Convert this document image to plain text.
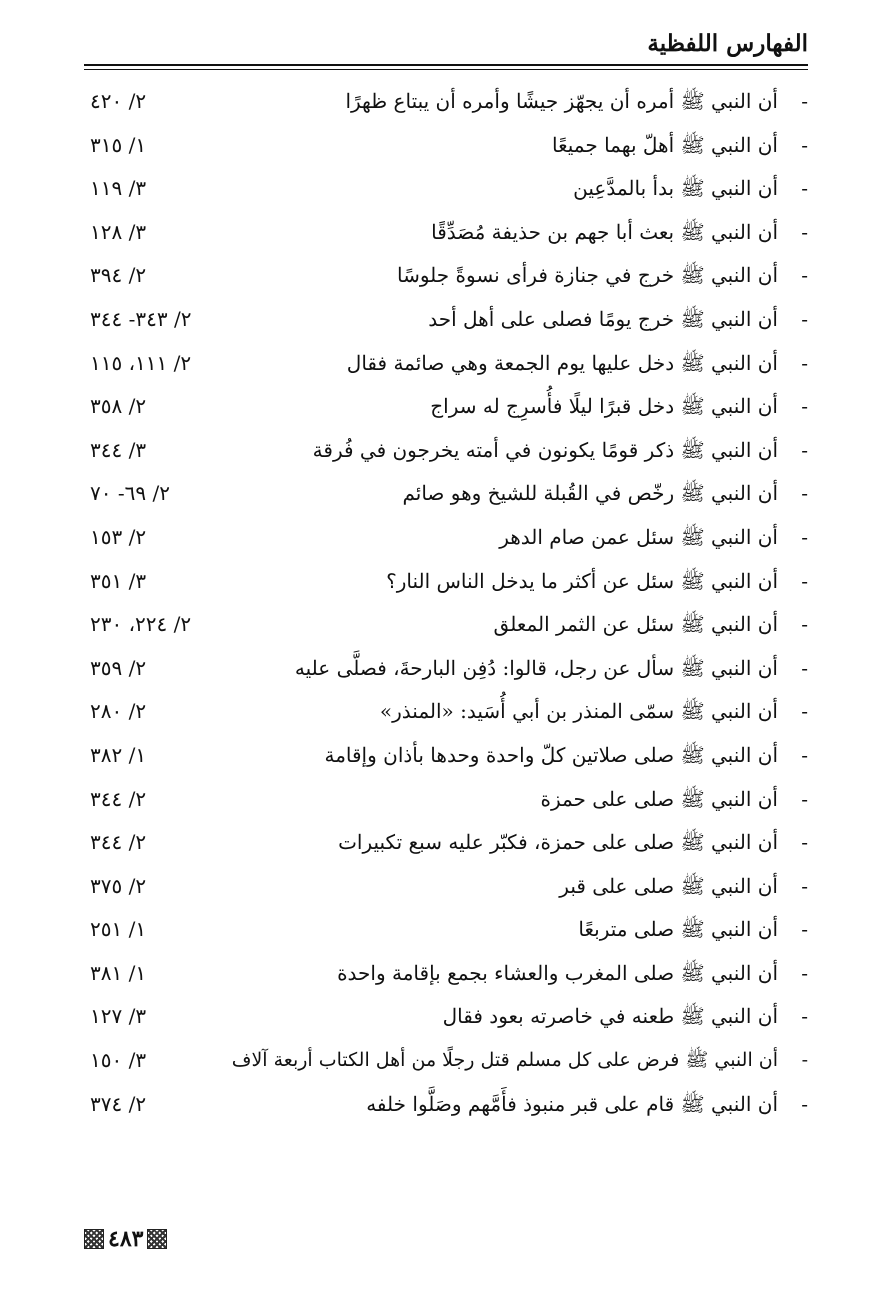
الفهارس اللفظية
-أن النبي ﷺ أمره أن يجهّز جيشًا وأمره أن يبتاع ظهرًا
٢/ ٤٢٠
-أن النبي ﷺ أهلّ بهما جميعًا
١/ ٣١٥
-أن النبي ﷺ بدأ بالمدَّعِين
٣/ ١١٩
-أن النبي ﷺ بعث أبا جهم بن حذيفة مُصَدِّقًا
٣/ ١٢٨
-أن النبي ﷺ خرج في جنازة فرأى نسوةً جلوسًا
٢/ ٣٩٤
-أن النبي ﷺ خرج يومًا فصلى على أهل أحد
٢/ ٣٤٣- ٣٤٤
-أن النبي ﷺ دخل عليها يوم الجمعة وهي صائمة فقال
٢/ ١١١، ١١٥
-أن النبي ﷺ دخل قبرًا ليلًا فأُسرِج له سراج
٢/ ٣٥٨
-أن النبي ﷺ ذكر قومًا يكونون في أمته يخرجون في فُرقة
٣/ ٣٤٤
-أن النبي ﷺ رخّص في القُبلة للشيخ وهو صائم
٢/ ٦٩- ٧٠
-أن النبي ﷺ سئل عمن صام الدهر
٢/ ١٥٣
-أن النبي ﷺ سئل عن أكثر ما يدخل الناس النار؟
٣/ ٣٥١
-أن النبي ﷺ سئل عن الثمر المعلق
٢/ ٢٢٤، ٢٣٠
-أن النبي ﷺ سأل عن رجل، قالوا: دُفِن البارحةَ، فصلَّى عليه
٢/ ٣٥٩
-أن النبي ﷺ سمّى المنذر بن أبي أُسَيد: «المنذر»
٢/ ٢٨٠
-أن النبي ﷺ صلى صلاتين كلّ واحدة وحدها بأذان وإقامة
١/ ٣٨٢
-أن النبي ﷺ صلى على حمزة
٢/ ٣٤٤
-أن النبي ﷺ صلى على حمزة، فكبّر عليه سبع تكبيرات
٢/ ٣٤٤
-أن النبي ﷺ صلى على قبر
٢/ ٣٧٥
-أن النبي ﷺ صلى متربعًا
١/ ٢٥١
-أن النبي ﷺ صلى المغرب والعشاء بجمع بإقامة واحدة
١/ ٣٨١
-أن النبي ﷺ طعنه في خاصرته بعود فقال
٣/ ١٢٧
-أن النبي ﷺ فرض على كل مسلم قتل رجلًا من أهل الكتاب أربعة آلاف
٣/ ١٥٠
-أن النبي ﷺ قام على قبر منبوذ فأَمَّهم وصَلَّوا خلفه
٢/ ٣٧٤
٤٨٣
